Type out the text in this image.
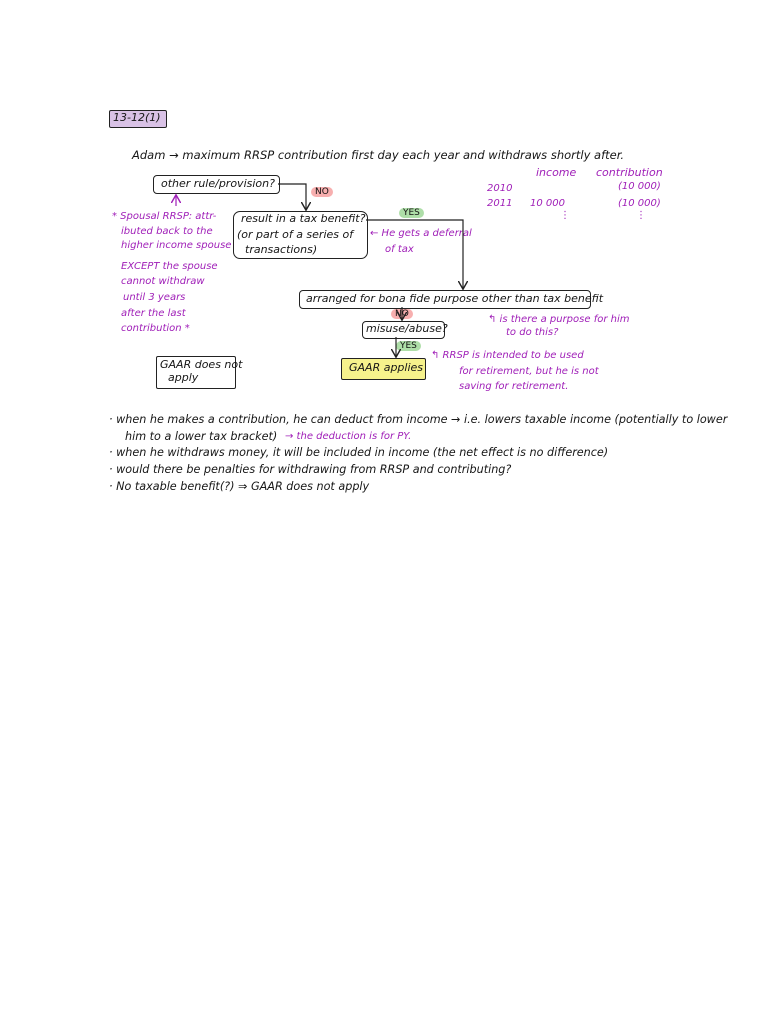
13-12(1)
Adam → maximum RRSP contribution first day each year and withdraws shortly after.
income contribution
2010	(10 000)
2011 10 000	(10 000)
⋮	⋮
other rule/provision?
NO
result in a tax benefit?
(or part of a series of
transactions)
YES
arranged for bona fide purpose other than tax benefit
NO
misuse/abuse?
YES
GAAR applies
GAAR does not
apply
* Spousal RRSP: attr-
ibuted back to the
higher income spouse
EXCEPT the spouse
cannot withdraw
until 3 years
after the last
contribution *
← He gets a deferral
of tax
↰ is there a purpose for him
to do this?
↰ RRSP is intended to be used
for retirement, but he is not
saving for retirement.
· when he makes a contribution, he can deduct from income → i.e. lowers taxable income (potentially to lower
him to a lower tax bracket) → the deduction is for PY.
· when he withdraws money, it will be included in income (the net effect is no difference)
· would there be penalties for withdrawing from RRSP and contributing?
· No taxable benefit(?) ⇒ GAAR does not apply
